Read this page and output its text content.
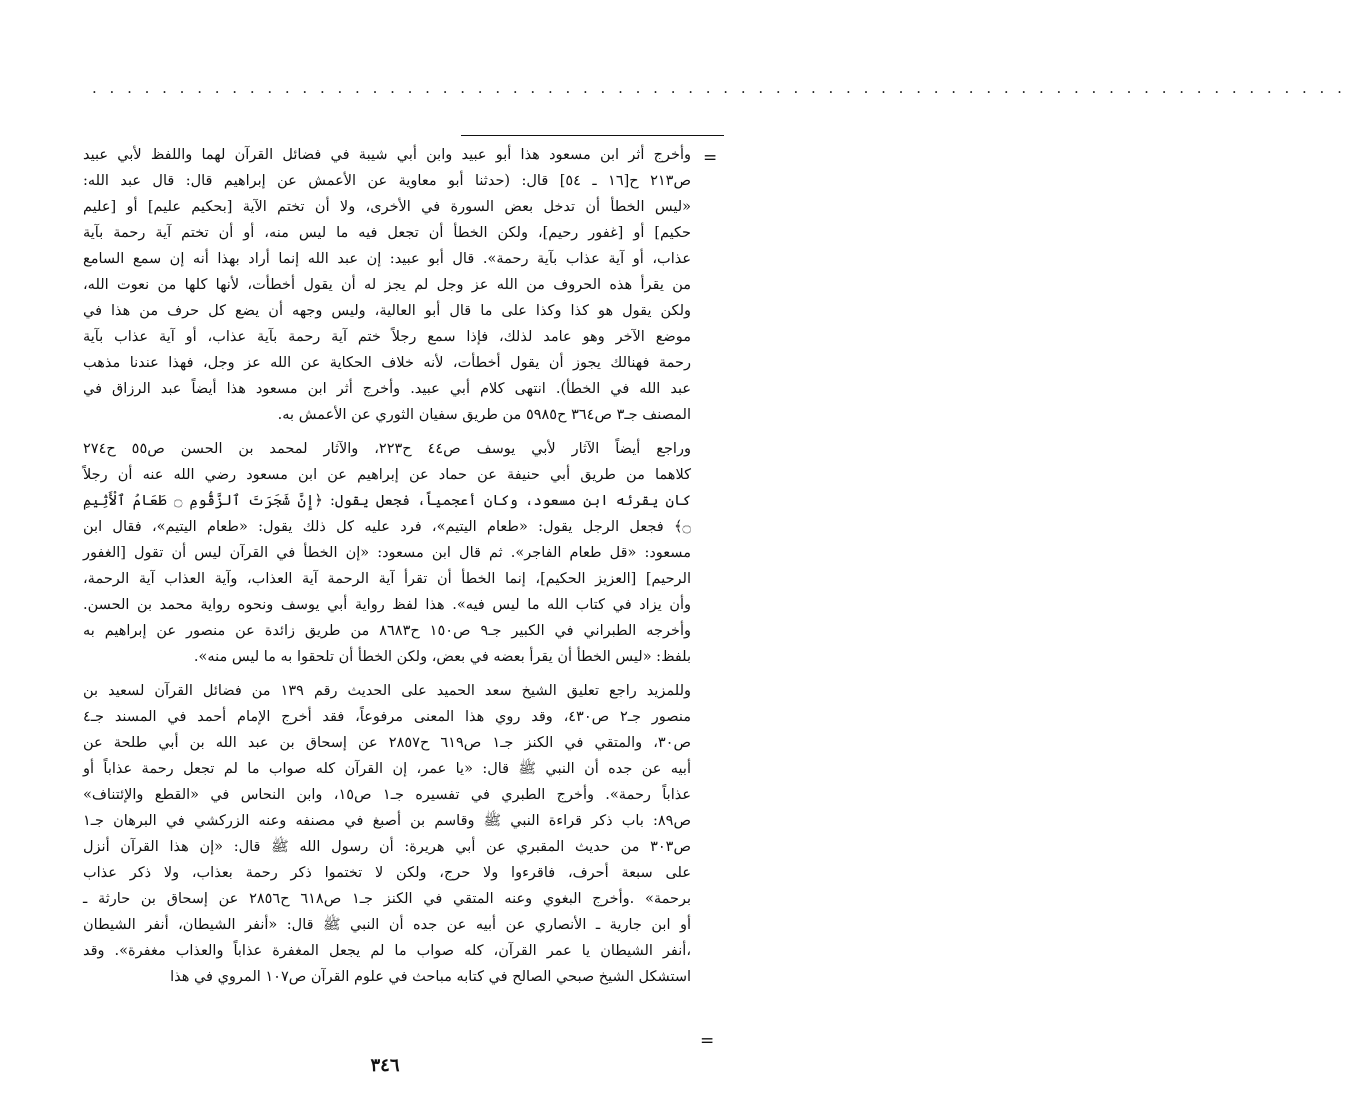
. . . . . . . . . . . . . . . . . . . . . . . . . . . . . . . . . . . . . . . . . . . . . . . . . . . . . . . . . . . . . . . . . . . . . . . .
=
وأخرج أثر ابن مسعود هذا أبو عبيد وابن أبي شيبة في فضائل القرآن لهما واللفظ لأبي عبيد
ص٢١٣ ح[١٦ ـ ٥٤] قال: (حدثنا أبو معاوية عن الأعمش عن إبراهيم قال: قال عبد الله:
«ليس الخطأ أن تدخل بعض السورة في الأخرى، ولا أن تختم الآية [بحكيم عليم] أو [عليم
حكيم] أو [غفور رحيم]، ولكن الخطأ أن تجعل فيه ما ليس منه، أو أن تختم آية رحمة بآية
عذاب، أو آية عذاب بآية رحمة». قال أبو عبيد: إن عبد الله إنما أراد بهذا أنه إن سمع السامع
من يقرأ هذه الحروف من الله عز وجل لم يجز له أن يقول أخطأت، لأنها كلها من نعوت الله،
ولكن يقول هو كذا وكذا على ما قال أبو العالية، وليس وجهه أن يضع كل حرف من هذا في
موضع الآخر وهو عامد لذلك، فإذا سمع رجلاً ختم آية رحمة بآية عذاب، أو آية عذاب بآية
رحمة فهنالك يجوز أن يقول أخطأت، لأنه خلاف الحكاية عن الله عز وجل، فهذا عندنا مذهب
عبد الله في الخطأ). انتهى كلام أبي عبيد. وأخرج أثر ابن مسعود هذا أيضاً عبد الرزاق في
المصنف جـ٣ ص٣٦٤ ح٥٩٨٥ من طريق سفيان الثوري عن الأعمش به.
وراجع أيضاً الآثار لأبي يوسف ص٤٤ ح٢٢٣، والآثار لمحمد بن الحسن ص٥٥ ح٢٧٤
كلاهما من طريق أبي حنيفة عن حماد عن إبراهيم عن ابن مسعود رضي الله عنه أن رجلاً
كان يقرئه ابن مسعود، وكان أعجمياً، فجعل يقول: ﴿إِنَّ شَجَرَتَ ٱلزَّقُّومِ ۝ طَعَامُ ٱلْأَثِيمِ
۝﴾ فجعل الرجل يقول: «طعام اليتيم»، فرد عليه كل ذلك يقول: «طعام اليتيم»، فقال ابن
مسعود: «قل طعام الفاجر». ثم قال ابن مسعود: «إن الخطأ في القرآن ليس أن تقول [الغفور
الرحيم] [العزيز الحكيم]، إنما الخطأ أن تقرأ آية الرحمة آية العذاب، وآية العذاب آية الرحمة،
وأن يزاد في كتاب الله ما ليس فيه». هذا لفظ رواية أبي يوسف ونحوه رواية محمد بن الحسن.
وأخرجه الطبراني في الكبير جـ٩ ص١٥٠ ح٨٦٨٣ من طريق زائدة عن منصور عن إبراهيم به
بلفظ: «ليس الخطأ أن يقرأ بعضه في بعض، ولكن الخطأ أن تلحقوا به ما ليس منه».
وللمزيد راجع تعليق الشيخ سعد الحميد على الحديث رقم ١٣٩ من فضائل القرآن لسعيد بن
منصور جـ٢ ص٤٣٠، وقد روي هذا المعنى مرفوعاً، فقد أخرج الإمام أحمد في المسند جـ٤
ص٣٠، والمتقي في الكنز جـ١ ص٦١٩ ح٢٨٥٧ عن إسحاق بن عبد الله بن أبي طلحة عن
أبيه عن جده أن النبي ﷺ قال: «يا عمر، إن القرآن كله صواب ما لم تجعل رحمة عذاباً أو
عذاباً رحمة». وأخرج الطبري في تفسيره جـ١ ص١٥، وابن النحاس في «القطع والإئتناف»
ص٨٩: باب ذكر قراءة النبي ﷺ وقاسم بن أصبغ في مصنفه وعنه الزركشي في البرهان جـ١
ص٣٠٣ من حديث المقبري عن أبي هريرة: أن رسول الله ﷺ قال: «إن هذا القرآن أنزل
على سبعة أحرف، فاقرءوا ولا حرج، ولكن لا تختموا ذكر رحمة بعذاب، ولا ذكر عذاب
برحمة» .وأخرج البغوي وعنه المتقي في الكنز جـ١ ص٦١٨ ح٢٨٥٦ عن إسحاق بن حارثة ـ
أو ابن جارية ـ الأنصاري عن أبيه عن جده أن النبي ﷺ قال: «أنفر الشيطان، أنفر الشيطان
،أنفر الشيطان يا عمر القرآن، كله صواب ما لم يجعل المغفرة عذاباً والعذاب مغفرة». وقد
استشكل الشيخ صبحي الصالح في كتابه مباحث في علوم القرآن ص١٠٧ المروي في هذا
=
٣٤٦
